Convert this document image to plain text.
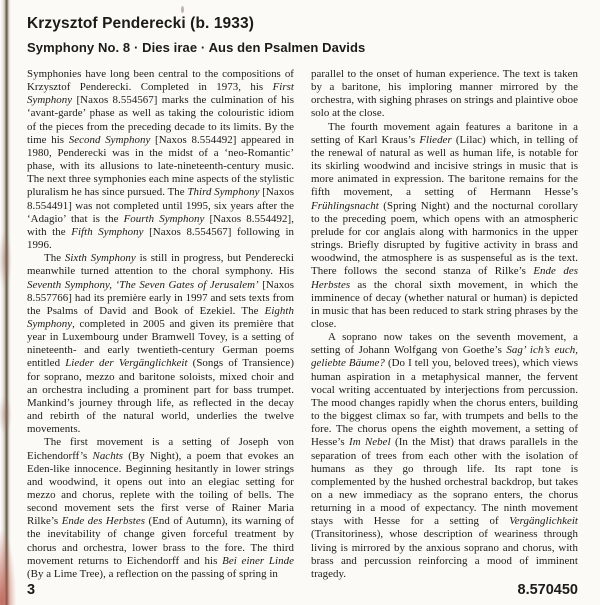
Krzysztof Penderecki (b. 1933)
Symphony No. 8 · Dies irae · Aus den Psalmen Davids

Symphonies have long been central to the compositions of Krzysztof Penderecki. Completed in 1973, his First Symphony [Naxos 8.554567] marks the culmination of his ‘avant-garde’ phase as well as taking the colouristic idiom of the pieces from the preceding decade to its limits. By the time his Second Symphony [Naxos 8.554492] appeared in 1980, Penderecki was in the midst of a ‘neo-Romantic’ phase, with its allusions to late-nineteenth-century music. The next three symphonies each mine aspects of the stylistic pluralism he has since pursued. The Third Symphony [Naxos 8.554491] was not completed until 1995, six years after the ‘Adagio’ that is the Fourth Symphony [Naxos 8.554492], with the Fifth Symphony [Naxos 8.554567] following in 1996.

The Sixth Symphony is still in progress, but Penderecki meanwhile turned attention to the choral symphony. His Seventh Symphony, ‘The Seven Gates of Jerusalem’ [Naxos 8.557766] had its première early in 1997 and sets texts from the Psalms of David and Book of Ezekiel. The Eighth Symphony, completed in 2005 and given its première that year in Luxembourg under Bramwell Tovey, is a setting of nineteenth- and early twentieth-century German poems entitled Lieder der Vergänglichkeit (Songs of Transience) for soprano, mezzo and baritone soloists, mixed choir and an orchestra including a prominent part for bass trumpet. Mankind’s journey through life, as reflected in the decay and rebirth of the natural world, underlies the twelve movements.

The first movement is a setting of Joseph von Eichendorff’s Nachts (By Night), a poem that evokes an Eden-like innocence. Beginning hesitantly in lower strings and woodwind, it opens out into an elegiac setting for mezzo and chorus, replete with the toiling of bells. The second movement sets the first verse of Rainer Maria Rilke’s Ende des Herbstes (End of Autumn), its warning of the inevitability of change given forceful treatment by chorus and orchestra, lower brass to the fore. The third movement returns to Eichendorff and his Bei einer Linde (By a Lime Tree), a reflection on the passing of spring in

parallel to the onset of human experience. The text is taken by a baritone, his imploring manner mirrored by the orchestra, with sighing phrases on strings and plaintive oboe solo at the close.

The fourth movement again features a baritone in a setting of Karl Kraus’s Flieder (Lilac) which, in telling of the renewal of natural as well as human life, is notable for its skirling woodwind and incisive strings in music that is more animated in expression. The baritone remains for the fifth movement, a setting of Hermann Hesse’s Frühlingsnacht (Spring Night) and the nocturnal corollary to the preceding poem, which opens with an atmospheric prelude for cor anglais along with harmonics in the upper strings. Briefly disrupted by fugitive activity in brass and woodwind, the atmosphere is as suspenseful as is the text. There follows the second stanza of Rilke’s Ende des Herbstes as the choral sixth movement, in which the imminence of decay (whether natural or human) is depicted in music that has been reduced to stark string phrases by the close.

A soprano now takes on the seventh movement, a setting of Johann Wolfgang von Goethe’s Sag’ ich’s euch, geliebte Bäume? (Do I tell you, beloved trees), which views human aspiration in a metaphysical manner, the fervent vocal writing accentuated by interjections from percussion. The mood changes rapidly when the chorus enters, building to the biggest climax so far, with trumpets and bells to the fore. The chorus opens the eighth movement, a setting of Hesse’s Im Nebel (In the Mist) that draws parallels in the separation of trees from each other with the isolation of humans as they go through life. Its rapt tone is complemented by the hushed orchestral backdrop, but takes on a new immediacy as the soprano enters, the chorus returning in a mood of expectancy. The ninth movement stays with Hesse for a setting of Vergänglichkeit (Transitoriness), whose description of weariness through living is mirrored by the anxious soprano and chorus, with brass and percussion reinforcing a mood of imminent tragedy.

3	8.570450
